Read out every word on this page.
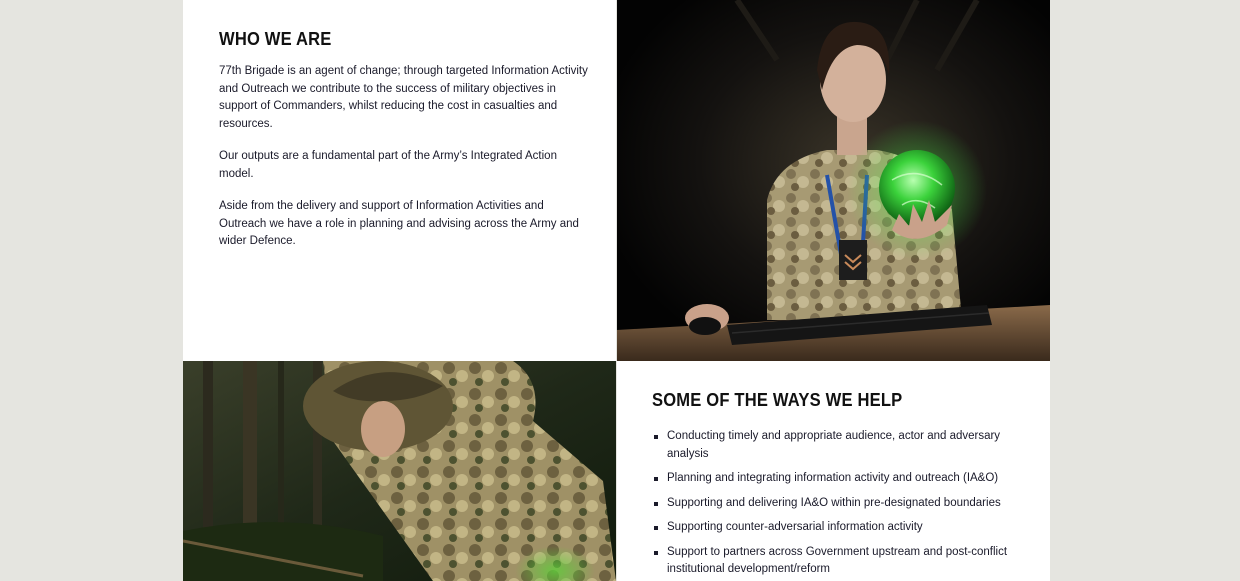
WHO WE ARE

77th Brigade is an agent of change; through targeted Information Activity and Outreach we contribute to the success of military objectives in support of Commanders, whilst reducing the cost in casualties and resources.

Our outputs are a fundamental part of the Army’s Integrated Action model.

Aside from the delivery and support of Information Activities and Outreach we have a role in planning and advising across the Army and wider Defence.

SOME OF THE WAYS WE HELP
Conducting timely and appropriate audience, actor and adversary analysis
Planning and integrating information activity and outreach (IA&O)
Supporting and delivering IA&O within pre-designated boundaries
Supporting counter-adversarial information activity
Support to partners across Government upstream and post-conflict institutional development/reform
